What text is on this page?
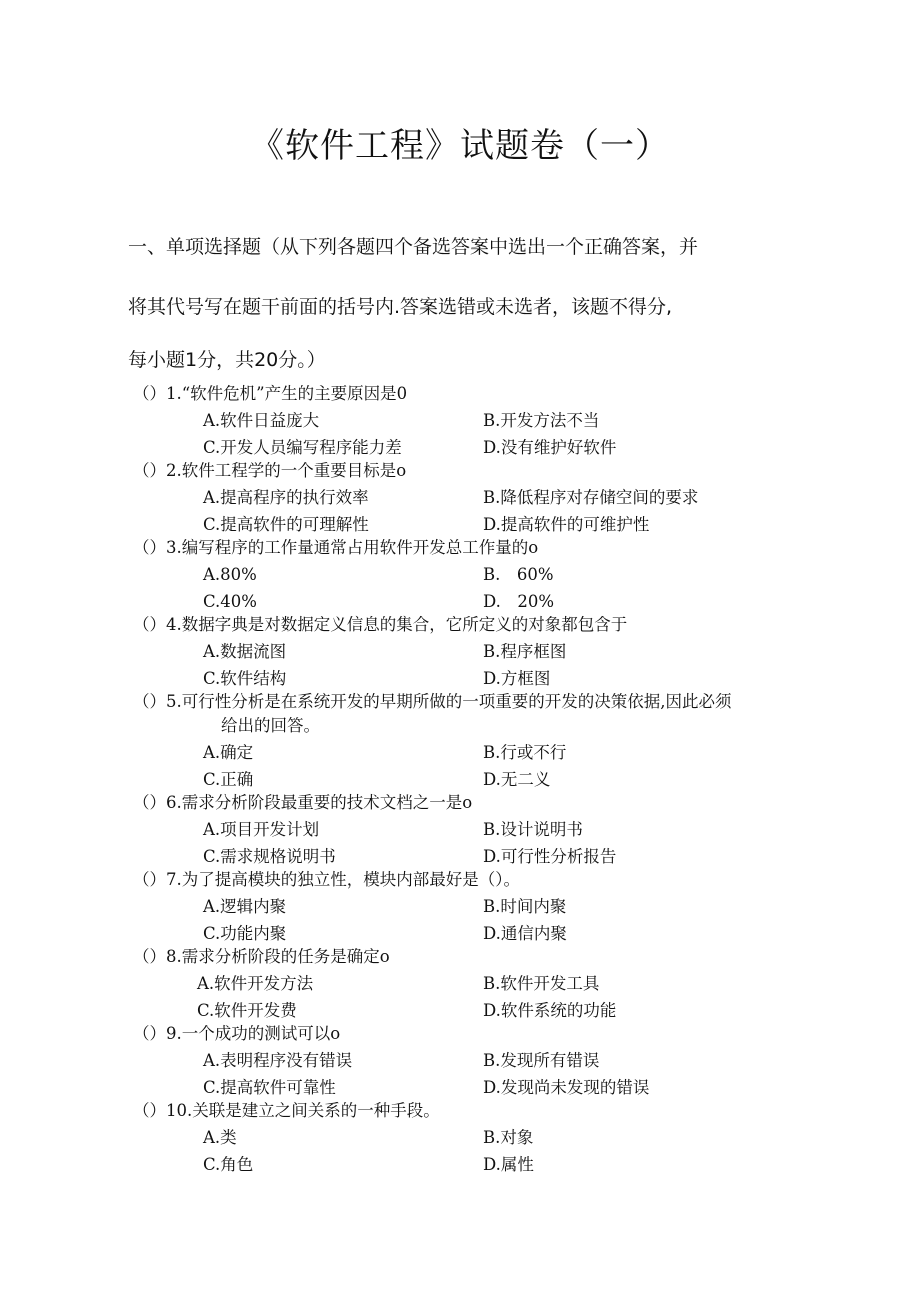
《软件工程》试题卷（一）
一、单项选择题（从下列各题四个备选答案中选出一个正确答案，并
将其代号写在题干前面的括号内.答案选错或未选者，该题不得分,
每小题1分，共20分。）
（）1.“软件危机”产生的主要原因是0
A.软件日益庞大	B.开发方法不当
C.开发人员编写程序能力差	D.没有维护好软件
（）2.软件工程学的一个重要目标是o
A.提高程序的执行效率	B.降低程序对存储空间的要求
C.提高软件的可理解性	D.提高软件的可维护性
（）3.编写程序的工作量通常占用软件开发总工作量的o
A.80%	B.　60%
C.40%	D.　20%
（）4.数据字典是对数据定义信息的集合，它所定义的对象都包含于
A.数据流图	B.程序框图
C.软件结构	D.方框图
（）5.可行性分析是在系统开发的早期所做的一项重要的开发的决策依据,因此必须
给出的回答。
A.确定	B.行或不行
C.正确	D.无二义
（）6.需求分析阶段最重要的技术文档之一是o
A.项目开发计划	B.设计说明书
C.需求规格说明书	D.可行性分析报告
（）7.为了提高模块的独立性，模块内部最好是（）。
A.逻辑内聚	B.时间内聚
C.功能内聚	D.通信内聚
（）8.需求分析阶段的任务是确定o
A.软件开发方法	B.软件开发工具
C.软件开发费	D.软件系统的功能
（）9.一个成功的测试可以o
A.表明程序没有错误	B.发现所有错误
C.提高软件可靠性	D.发现尚未发现的错误
（）10.关联是建立之间关系的一种手段。
A.类	B.对象
C.角色	D.属性
